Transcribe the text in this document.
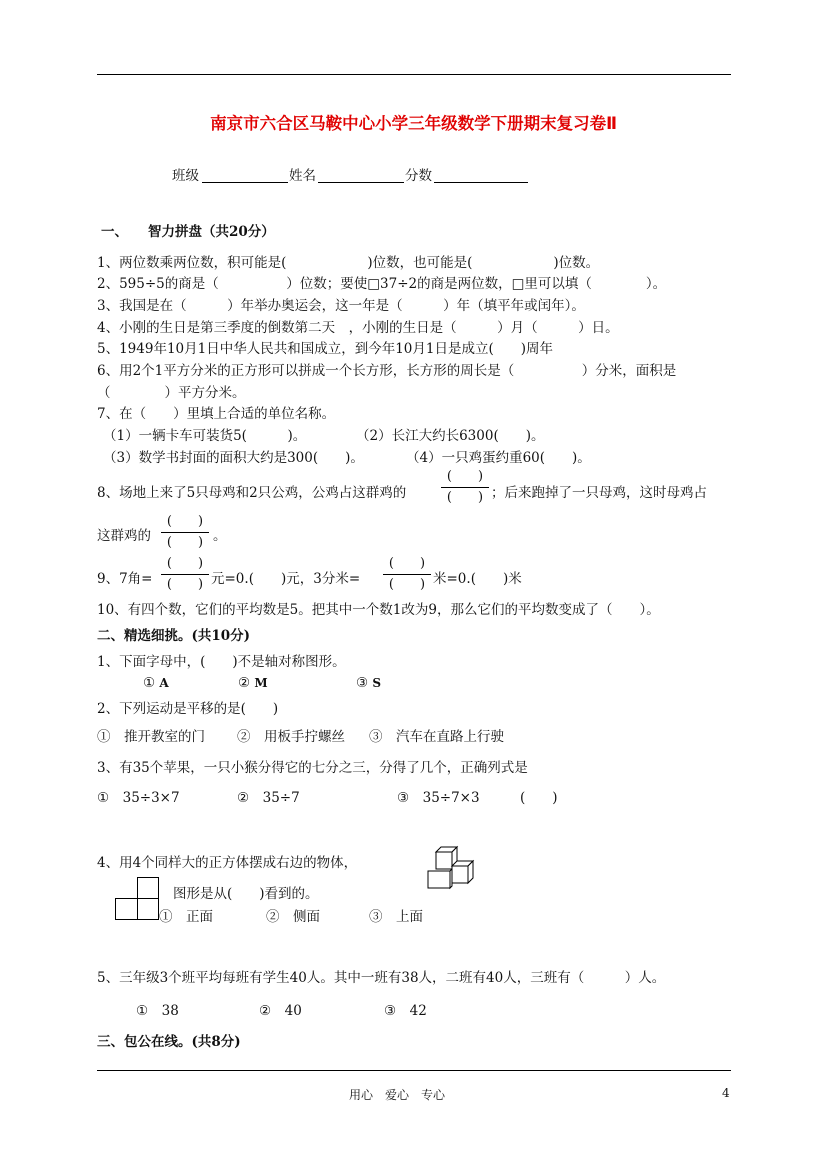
南京市六合区马鞍中心小学三年级数学下册期末复习卷Ⅱ
班级	姓名	分数
一、 智力拼盘（共20分）
1、两位数乘两位数，积可能是(　　　　　　)位数，也可能是(　　　　　　)位数。
2、595÷5的商是（　　　　　）位数；要使□37÷2的商是两位数，□里可以填（　　　　）。
3、我国是在（　　　）年举办奥运会，这一年是（　　　）年（填平年或闰年）。
4、小刚的生日是第三季度的倒数第二天　，小刚的生日是（　　　）月（　　　）日。
5、1949年10月1日中华人民共和国成立，到今年10月1日是成立(　　)周年
6、用2个1平方分米的正方形可以拼成一个长方形，长方形的周长是（　　　　　）分米，面积是
（　　　　）平方分米。
7、在（　　）里填上合适的单位名称。
（1）一辆卡车可装货5(　　　)。	（2）长江大约长6300(　　)。
（3）数学书封面的面积大约是300(　　)。	（4）一只鸡蛋约重60(　　)。
8、场地上来了5只母鸡和2只公鸡，公鸡占这群鸡的
(　　)
(　　) ；后来跑掉了一只母鸡，这时母鸡占
这群鸡的
(　　)
(　　) 。
9、7角=
(　　)
(　　) 元=0.(　　)元，3分米=
(　　)
(　　) 米=0.(　　)米
10、有四个数，它们的平均数是5。把其中一个数1改为9，那么它们的平均数变成了（　　）。
二、精选细挑。(共10分)
1、下面字母中，(　　)不是轴对称图形。
① A	② M	③ S
2、下列运动是平移的是(　　)
①　推开教室的门 ②　用板手拧螺丝 ③　汽车在直路上行驶
3、有35个苹果，一只小猴分得它的七分之三，分得了几个，正确列式是
①　35÷3×7	②　35÷7	③　35÷7×3	(　　)
4、用4个同样大的正方体摆成右边的物体，
图形是从(　　)看到的。
①　正面	②　侧面	③　上面
5、三年级3个班平均每班有学生40人。其中一班有38人，二班有40人，三班有（　　　）人。
①　38	②　40	③　42
三、包公在线。(共8分)
用心　爱心　专心	4
